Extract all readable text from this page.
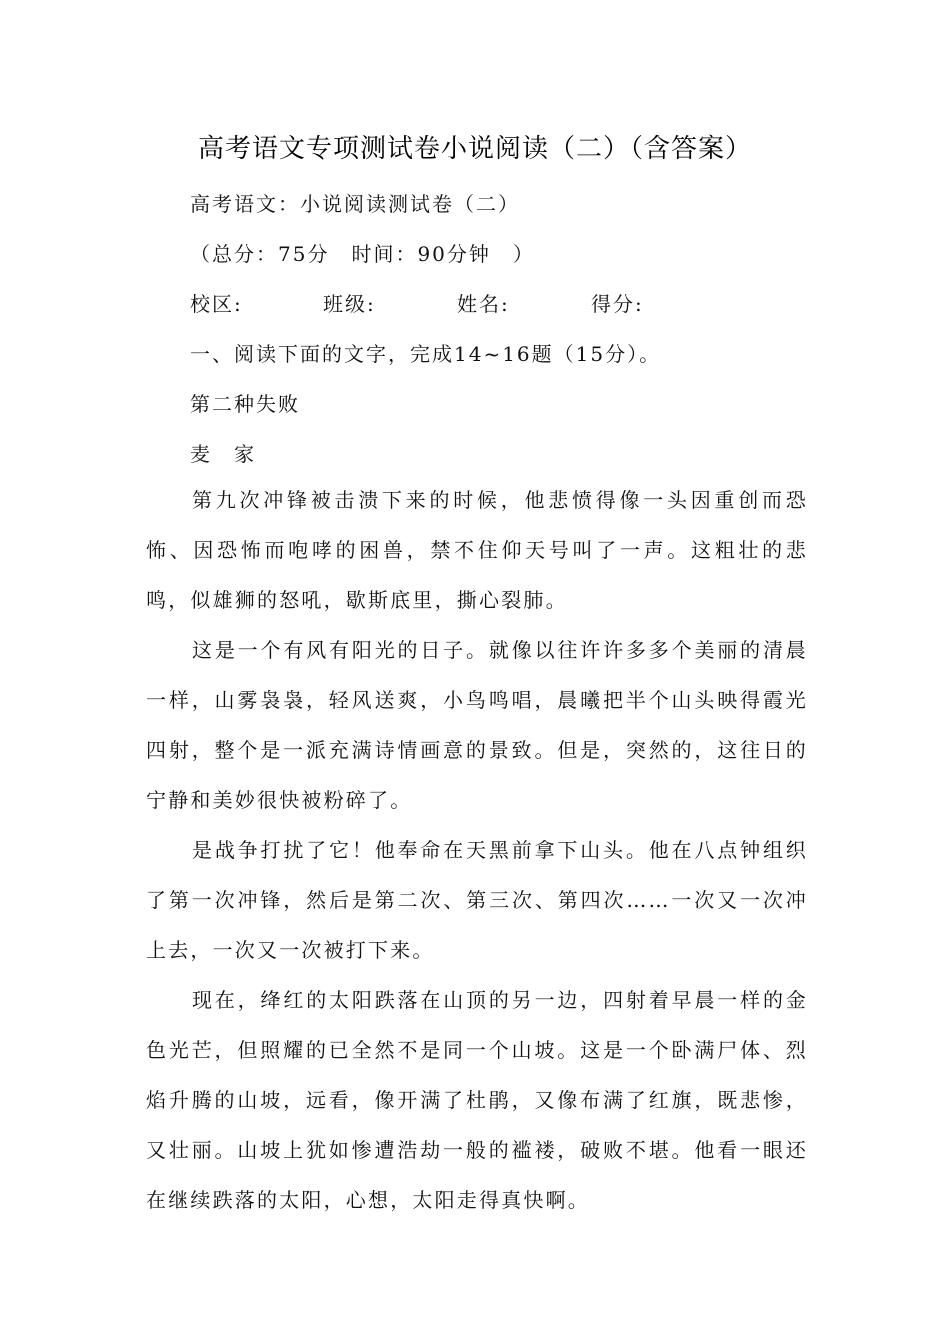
高考语文专项测试卷小说阅读（二）（含答案）
高考语文：小说阅读测试卷（二）
（总分：75分　时间：90分钟　）
校区:	班级:	姓名:	得分:
一、阅读下面的文字，完成14~16题（15分）。
第二种失败
麦　家

第九次冲锋被击溃下来的时候，他悲愤得像一头因重创而恐怖、因恐怖而咆哮的困兽，禁不住仰天号叫了一声。这粗壮的悲鸣，似雄狮的怒吼，歇斯底里，撕心裂肺。

这是一个有风有阳光的日子。就像以往许许多多个美丽的清晨一样，山雾袅袅，轻风送爽，小鸟鸣唱，晨曦把半个山头映得霞光四射，整个是一派充满诗情画意的景致。但是，突然的，这往日的宁静和美妙很快被粉碎了。

是战争打扰了它！他奉命在天黑前拿下山头。他在八点钟组织了第一次冲锋，然后是第二次、第三次、第四次……一次又一次冲上去，一次又一次被打下来。

现在，绛红的太阳跌落在山顶的另一边，四射着早晨一样的金色光芒，但照耀的已全然不是同一个山坡。这是一个卧满尸体、烈焰升腾的山坡，远看，像开满了杜鹃，又像布满了红旗，既悲惨，又壮丽。山坡上犹如惨遭浩劫一般的褴褛，破败不堪。他看一眼还在继续跌落的太阳，心想，太阳走得真快啊。
